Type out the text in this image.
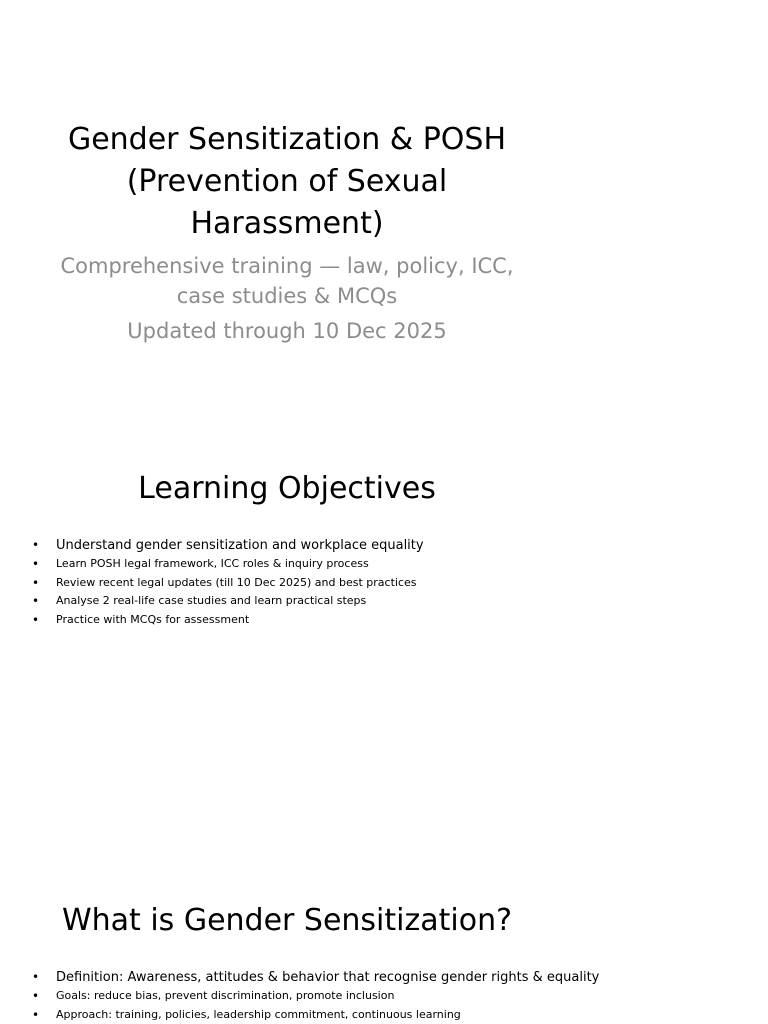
Gender Sensitization & POSH (Prevention of Sexual Harassment)

Comprehensive training — law, policy, ICC, case studies & MCQs

Updated through 10 Dec 2025

Learning Objectives
• Understand gender sensitization and workplace equality
• Learn POSH legal framework, ICC roles & inquiry process
• Review recent legal updates (till 10 Dec 2025) and best practices
• Analyse 2 real-life case studies and learn practical steps
• Practice with MCQs for assessment
What is Gender Sensitization?
• Definition: Awareness, attitudes & behavior that recognise gender rights & equality
• Goals: reduce bias, prevent discrimination, promote inclusion
• Approach: training, policies, leadership commitment, continuous learning
